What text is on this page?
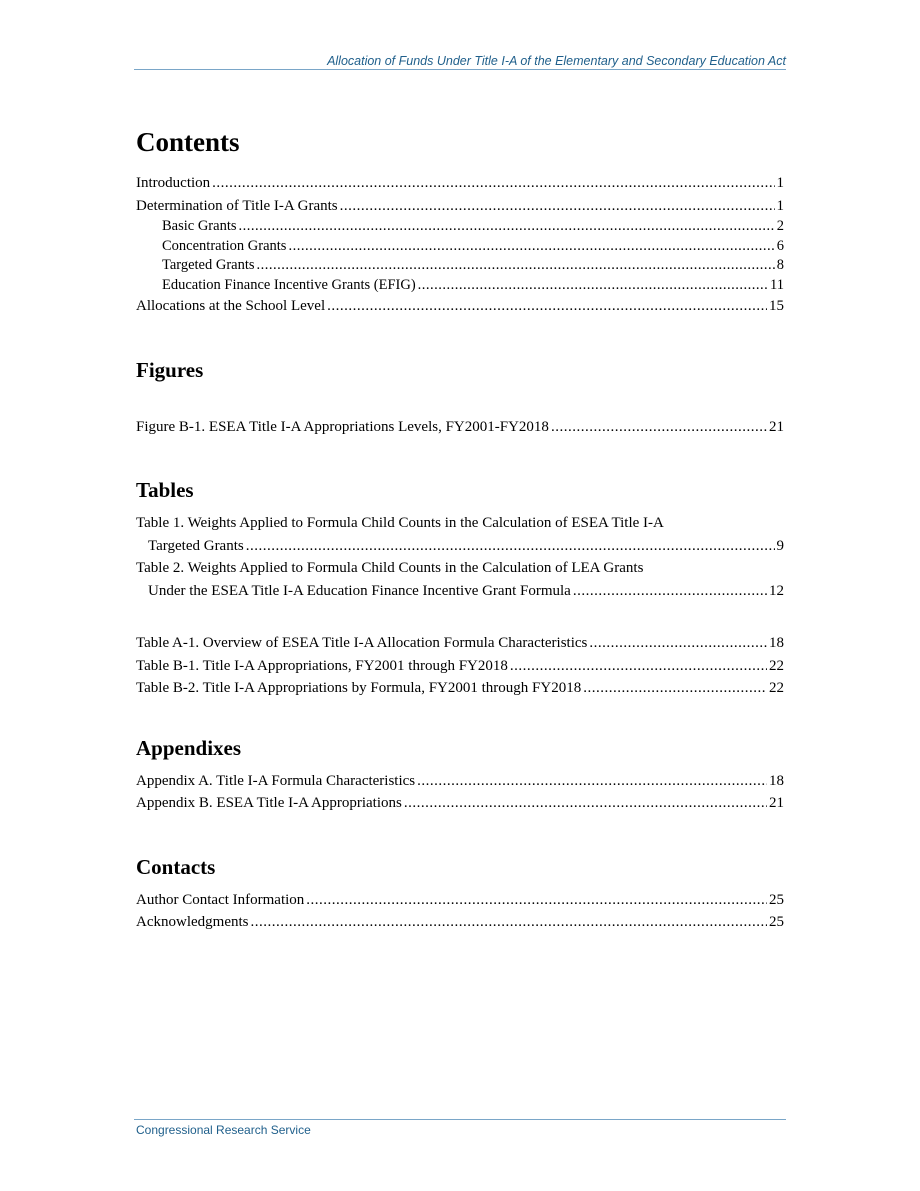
Allocation of Funds Under Title I-A of the Elementary and Secondary Education Act
Contents
Introduction .....	1
Determination of Title I-A Grants .....	1
Basic Grants .....	2
Concentration Grants .....	6
Targeted Grants .....	8
Education Finance Incentive Grants (EFIG) .....	11
Allocations at the School Level .....	15
Figures
Figure B-1. ESEA Title I-A Appropriations Levels, FY2001-FY2018 .....	21
Tables
Table 1. Weights Applied to Formula Child Counts in the Calculation of ESEA Title I-A
Targeted Grants .....	9
Table 2. Weights Applied to Formula Child Counts in the Calculation of LEA Grants
Under the ESEA Title I-A Education Finance Incentive Grant Formula .....	12
Table A-1. Overview of ESEA Title I-A Allocation Formula Characteristics .....	18
Table B-1. Title I-A Appropriations, FY2001 through FY2018 .....	22
Table B-2. Title I-A Appropriations by Formula, FY2001 through FY2018 .....	22
Appendixes
Appendix A. Title I-A Formula Characteristics .....	18
Appendix B. ESEA Title I-A Appropriations .....	21
Contacts
Author Contact Information .....	25
Acknowledgments .....	25
Congressional Research Service
